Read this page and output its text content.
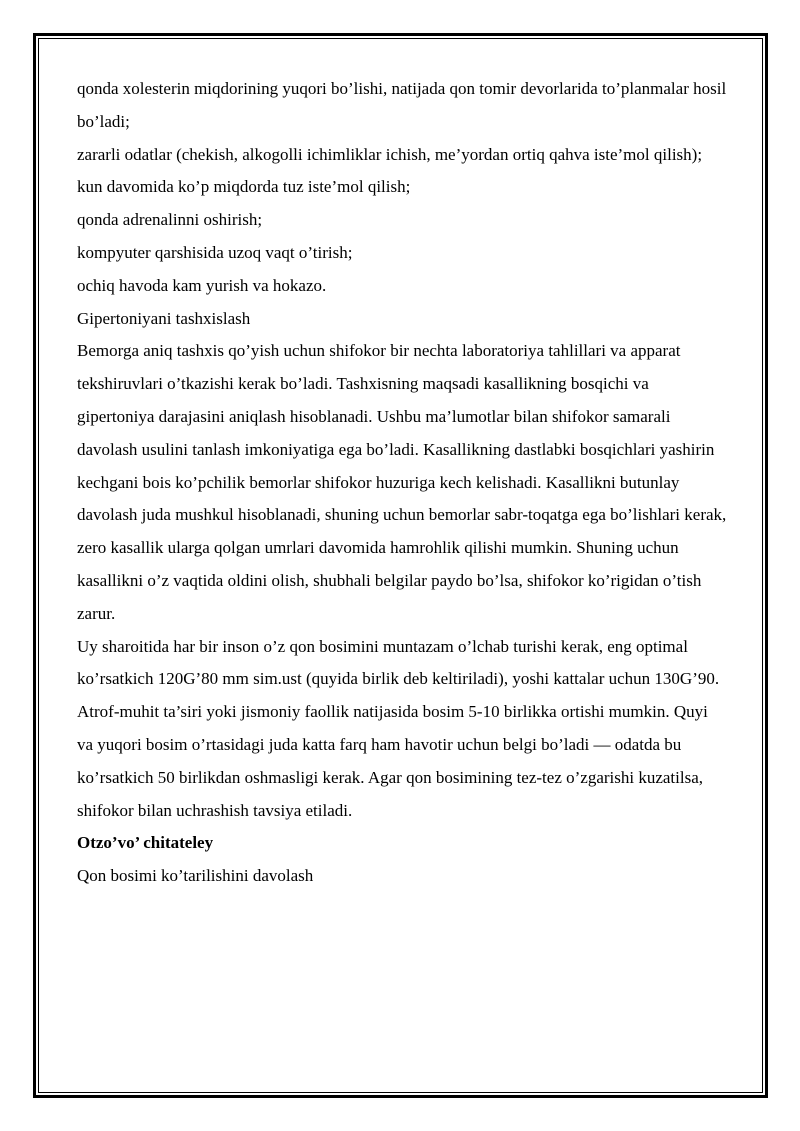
qonda xolesterin miqdorining yuqori bo’lishi, natijada qon tomir devorlarida to’planmalar hosil bo’ladi;

zararli odatlar (chekish, alkogolli ichimliklar ichish, me’yordan ortiq qahva iste’mol qilish);

kun davomida ko’p miqdorda tuz iste’mol qilish;

qonda adrenalinni oshirish;

kompyuter qarshisida uzoq vaqt o’tirish;

ochiq havoda kam yurish va hokazo.

Gipertoniyani tashxislash

Bemorga aniq tashxis qo’yish uchun shifokor bir nechta laboratoriya tahlillari va apparat tekshiruvlari o’tkazishi kerak bo’ladi. Tashxisning maqsadi kasallikning bosqichi va gipertoniya darajasini aniqlash hisoblanadi. Ushbu ma’lumotlar bilan shifokor samarali davolash usulini tanlash imkoniyatiga ega bo’ladi. Kasallikning dastlabki bosqichlari yashirin kechgani bois ko’pchilik bemorlar shifokor huzuriga kech kelishadi. Kasallikni butunlay davolash juda mushkul hisoblanadi, shuning uchun bemorlar sabr-toqatga ega bo’lishlari kerak, zero kasallik ularga qolgan umrlari davomida hamrohlik qilishi mumkin. Shuning uchun kasallikni o’z vaqtida oldini olish, shubhali belgilar paydo bo’lsa, shifokor ko’rigidan o’tish zarur.

Uy sharoitida har bir inson o’z qon bosimini muntazam o’lchab turishi kerak, eng optimal ko’rsatkich 120G’80 mm sim.ust (quyida birlik deb keltiriladi), yoshi kattalar uchun 130G’90. Atrof-muhit ta’siri yoki jismoniy faollik natijasida bosim 5-10 birlikka ortishi mumkin. Quyi va yuqori bosim o’rtasidagi juda katta farq ham havotir uchun belgi bo’ladi — odatda bu ko’rsatkich 50 birlikdan oshmasligi kerak. Agar qon bosimining tez-tez o’zgarishi kuzatilsa, shifokor bilan uchrashish tavsiya etiladi.

Otzo’vo’ chitateley

Qon bosimi ko’tarilishini davolash
